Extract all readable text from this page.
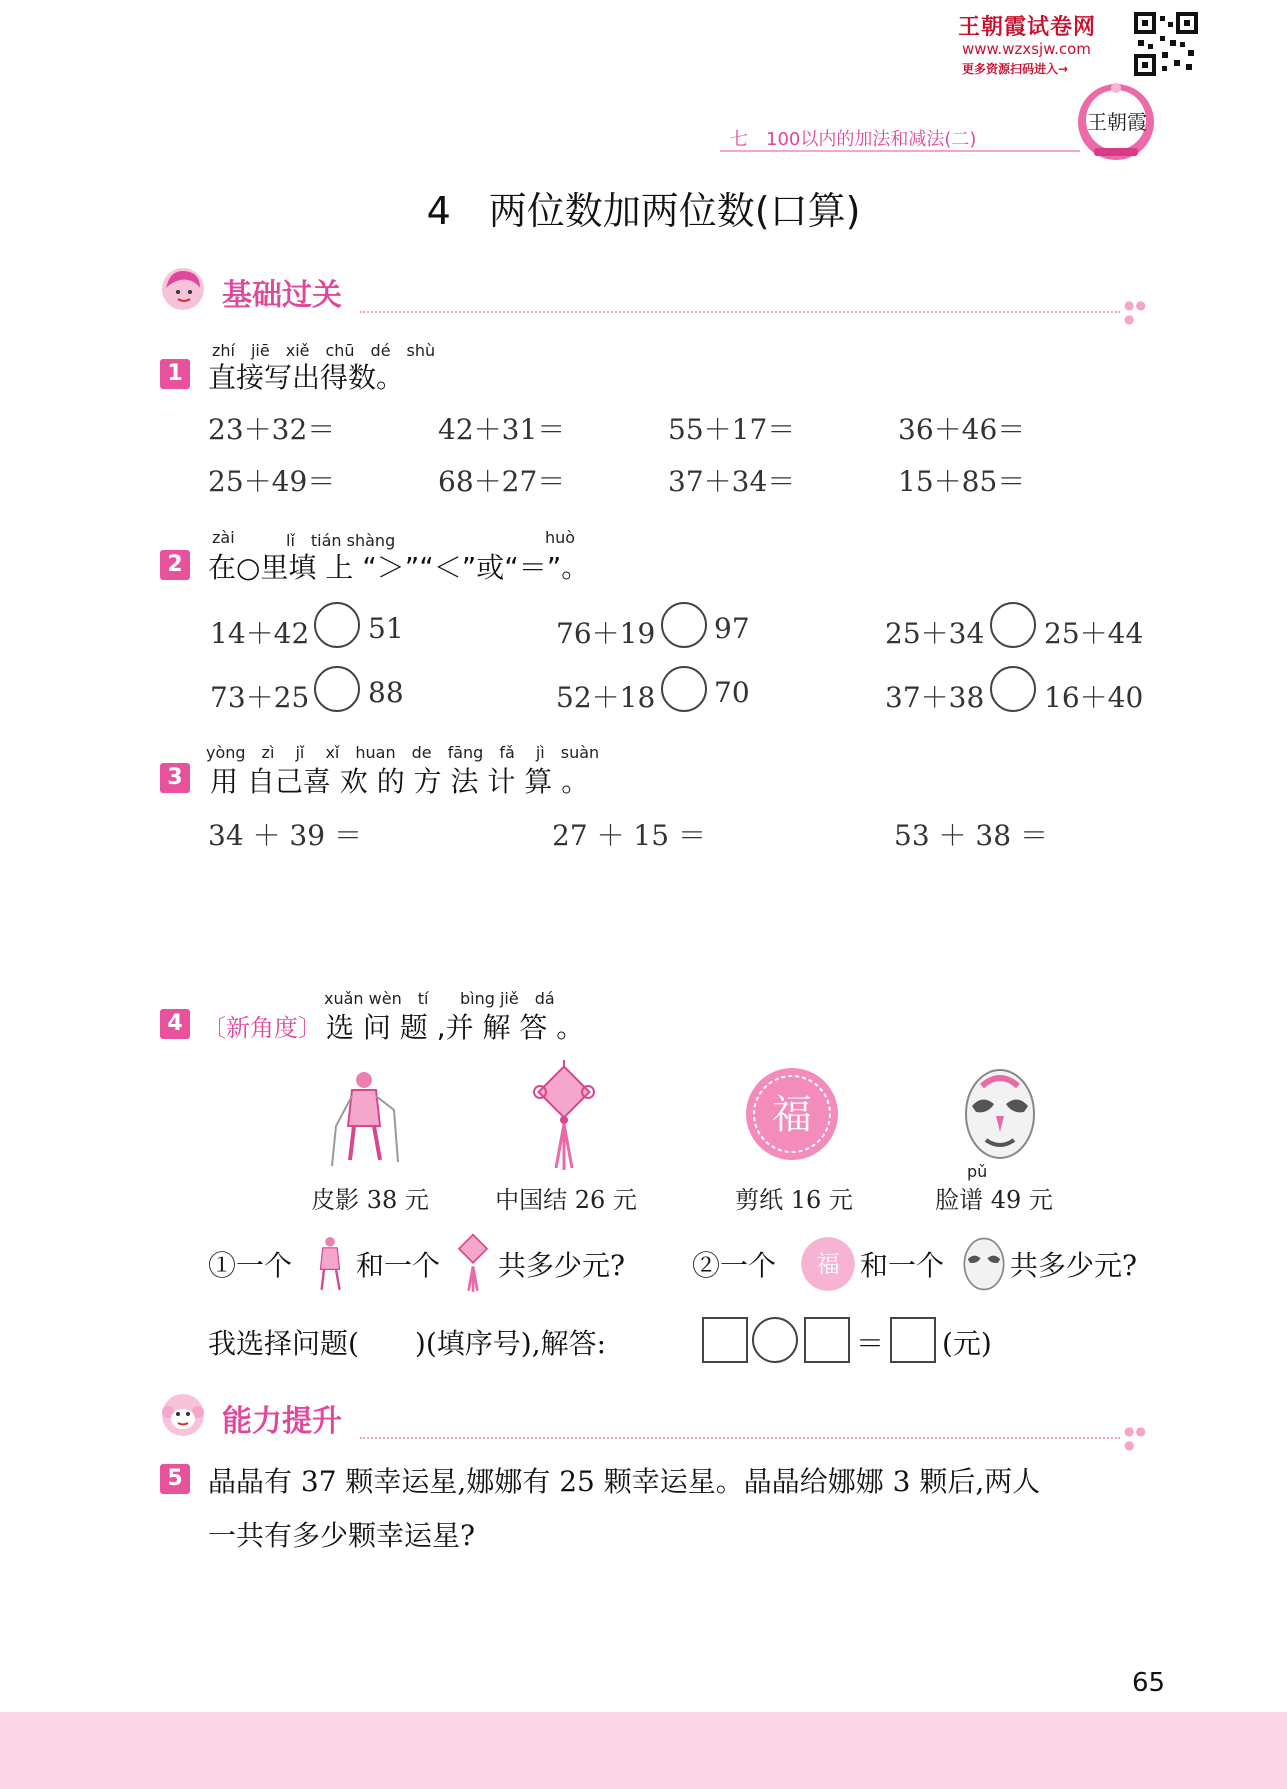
王朝霞试卷网
www.wzxsjw.com
更多资源扫码进入→
王朝霞
七　100以内的加法和减法(二)
4　两位数加两位数(口算)
基础过关	●●
●
zhí　jiē　xiě　chū　dé　shù
1 直接写出得数。
23＋32＝	42＋31＝	55＋17＝	36＋46＝
25＋49＝	68＋27＝	37＋34＝	15＋85＝
zài	lǐ　tián shàng	huò
2 在○里填 上 “＞”“＜”或“＝”。
14＋42 51	76＋19 97	25＋34 25＋44
73＋25 88	52＋18 70	37＋38 16＋40
yòng　zì　 jǐ　 xǐ　huan　de　fāng　fǎ　 jì　suàn
3 用 自己喜 欢 的 方 法 计 算 。
34 ＋ 39 ＝	27 ＋ 15 ＝	53 ＋ 38 ＝
xuǎn wèn　tí bìng jiě　dá
4 〔新角度〕 选 问 题 ,并 解 答 。
福
pǔ
皮影 38 元	中国结 26 元	剪纸 16 元	脸谱 49 元
①一个 和一个 共多少元? ②一个 福 和一个 共多少元?
我选择问题(　　)(填序号),解答:	＝ (元)
能力提升	●●
●
5 晶晶有 37 颗幸运星,娜娜有 25 颗幸运星。晶晶给娜娜 3 颗后,两人
一共有多少颗幸运星?
65
